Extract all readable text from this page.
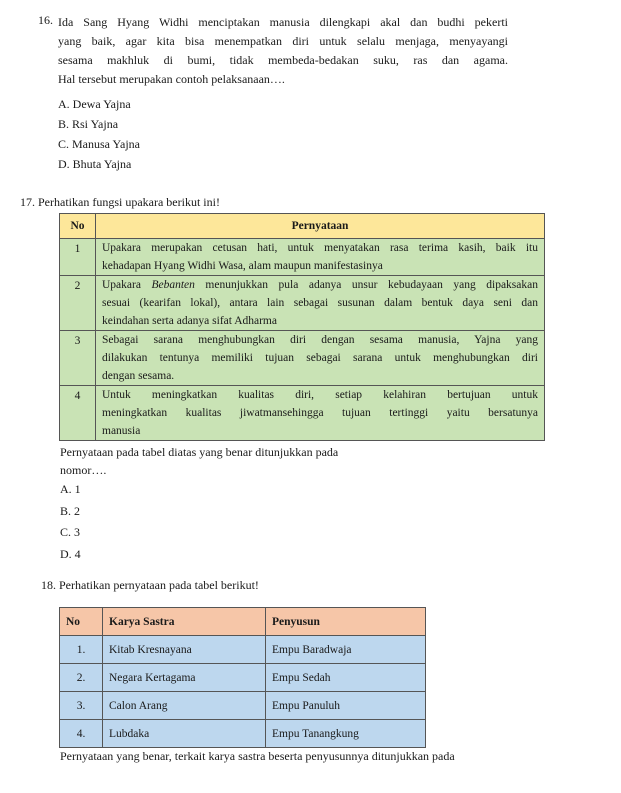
16. Ida Sang Hyang Widhi menciptakan manusia dilengkapi akal dan budhi pekerti
yang baik, agar kita bisa menempatkan diri untuk selalu menjaga, menyayangi
sesama makhluk di bumi, tidak membeda-bedakan suku, ras dan agama.
Hal tersebut merupakan contoh pelaksanaan….
A. Dewa Yajna
B. Rsi Yajna
C. Manusa Yajna
D. Bhuta Yajna
17. Perhatikan fungsi upakara berikut ini!
No	Pernyataan
1	Upakara merupakan cetusan hati, untuk menyatakan rasa terima kasih, baik itu
kehadapan Hyang Widhi Wasa, alam maupun manifestasinya

2	Upakara Bebanten menunjukkan pula adanya unsur kebudayaan yang dipaksakan
sesuai (kearifan lokal), antara lain sebagai susunan dalam bentuk daya seni dan
keindahan serta adanya sifat Adharma

3	Sebagai sarana menghubungkan diri dengan sesama manusia, Yajna yang
dilakukan tentunya memiliki tujuan sebagai sarana untuk menghubungkan diri
dengan sesama.

4	Untuk meningkatkan kualitas diri, setiap kelahiran bertujuan untuk
meningkatkan kualitas jiwatmansehingga tujuan tertinggi yaitu bersatunya
manusia
Pernyataan pada tabel diatas yang benar ditunjukkan pada
nomor….
A. 1
B. 2
C. 3
D. 4
18. Perhatikan pernyataan pada tabel berikut!
No	Karya Sastra	Penyusun
1.	Kitab Kresnayana	Empu Baradwaja
2.	Negara Kertagama	Empu Sedah
3.	Calon Arang	Empu Panuluh
4.	Lubdaka	Empu Tanangkung
Pernyataan yang benar, terkait karya sastra beserta penyusunnya ditunjukkan pada
